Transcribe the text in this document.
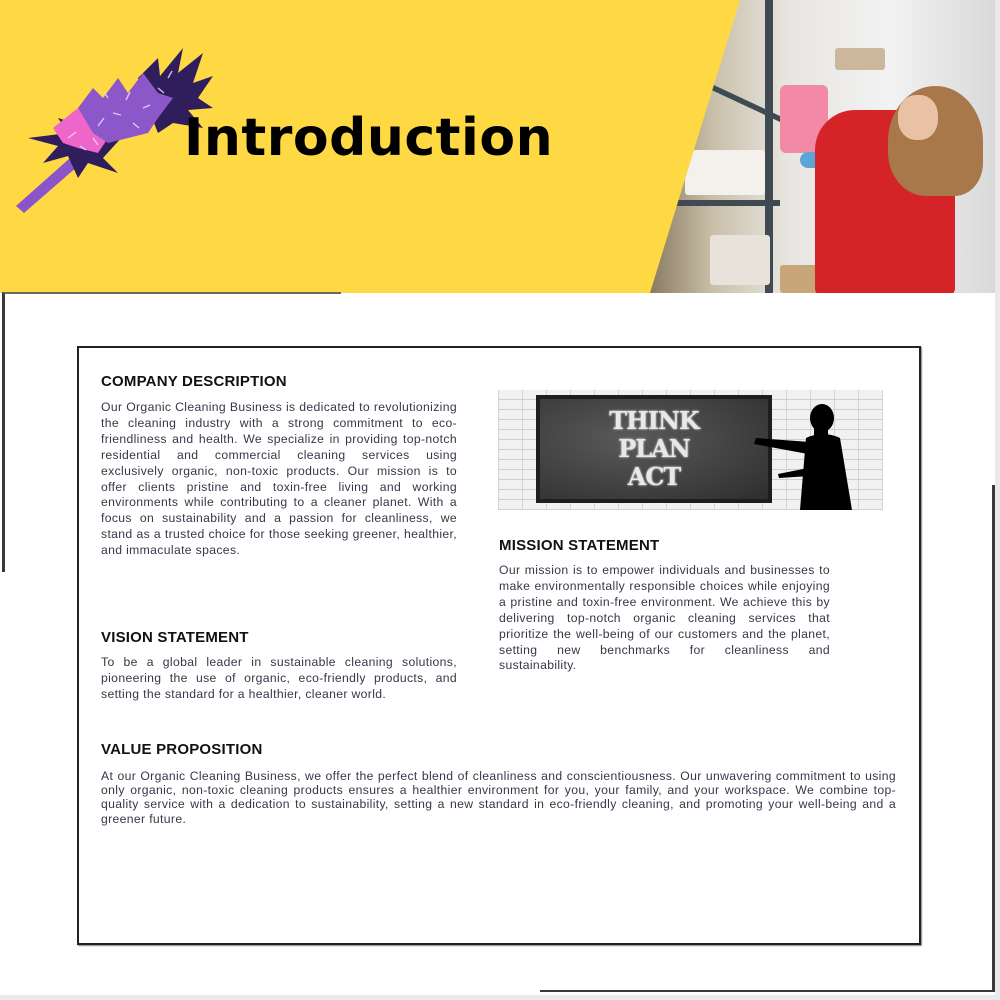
Introduction
COMPANY DESCRIPTION
Our Organic Cleaning Business is dedicated to revolutionizing the cleaning industry with a strong commitment to eco-friendliness and health. We specialize in providing top-notch residential and commercial cleaning services using exclusively organic, non-toxic products. Our mission is to offer clients pristine and toxin-free living and working environments while contributing to a cleaner planet. With a focus on sustainability and a passion for cleanliness, we stand as a trusted choice for those seeking greener, healthier, and immaculate spaces.
VISION STATEMENT
To be a global leader in sustainable cleaning solutions, pioneering the use of organic, eco-friendly products, and setting the standard for a healthier, cleaner world.
THINK
PLAN
ACT
MISSION STATEMENT
Our mission is to empower individuals and businesses to make environmentally responsible choices while enjoying a pristine and toxin-free environment. We achieve this by delivering top-notch organic cleaning services that prioritize the well-being of our customers and the planet, setting new benchmarks for cleanliness and sustainability.
VALUE PROPOSITION
At our Organic Cleaning Business, we offer the perfect blend of cleanliness and conscientiousness. Our unwavering commitment to using only organic, non-toxic cleaning products ensures a healthier environment for you, your family, and your workspace. We combine top-quality service with a dedication to sustainability, setting a new standard in eco-friendly cleaning, and promoting your well-being and a greener future.
